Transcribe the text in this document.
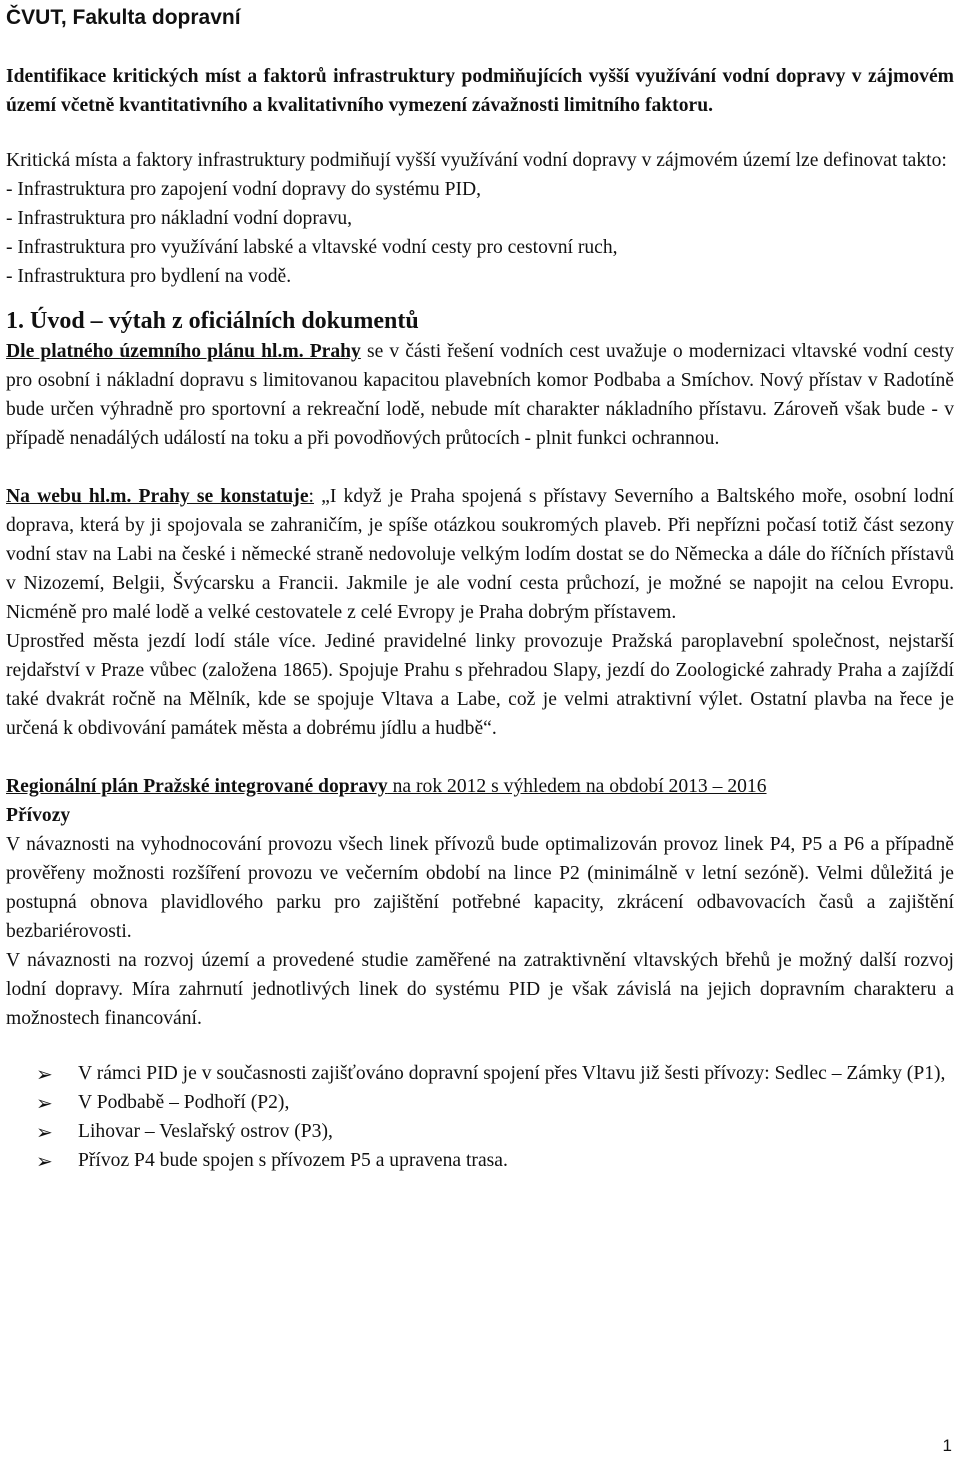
ČVUT, Fakulta dopravní

Identifikace kritických míst a faktorů infrastruktury podmiňujících vyšší využívání vodní dopravy v zájmovém území včetně kvantitativního a kvalitativního vymezení závažnosti limitního faktoru.

Kritická místa a faktory infrastruktury podmiňují vyšší využívání vodní dopravy v zájmovém území lze definovat takto:

- Infrastruktura pro zapojení vodní dopravy do systému PID,

- Infrastruktura pro nákladní vodní dopravu,

- Infrastruktura pro využívání labské a vltavské vodní cesty pro cestovní ruch,

- Infrastruktura pro bydlení na vodě.

1. Úvod – výtah z oficiálních dokumentů

Dle platného územního plánu hl.m. Prahy se v části řešení vodních cest uvažuje o modernizaci vltavské vodní cesty pro osobní i nákladní dopravu s limitovanou kapacitou plavebních komor Podbaba a Smíchov. Nový přístav v Radotíně bude určen výhradně pro sportovní a rekreační lodě, nebude mít charakter nákladního přístavu. Zároveň však bude - v případě nenadálých událostí na toku a při povodňových průtocích - plnit funkci ochrannou.

Na webu hl.m. Prahy se konstatuje: „I když je Praha spojená s přístavy Severního a Baltského moře, osobní lodní doprava, která by ji spojovala se zahraničím, je spíše otázkou soukromých plaveb. Při nepřízni počasí totiž část sezony vodní stav na Labi na české i německé straně nedovoluje velkým lodím dostat se do Německa a dále do říčních přístavů v Nizozemí, Belgii, Švýcarsku a Francii. Jakmile je ale vodní cesta průchozí, je možné se napojit na celou Evropu. Nicméně pro malé lodě a velké cestovatele z celé Evropy je Praha dobrým přístavem.

Uprostřed města jezdí lodí stále více. Jediné pravidelné linky provozuje Pražská paroplavební společnost, nejstarší rejdařství v Praze vůbec (založena 1865). Spojuje Prahu s přehradou Slapy, jezdí do Zoologické zahrady Praha a zajíždí také dvakrát ročně na Mělník, kde se spojuje Vltava a Labe, což je velmi atraktivní výlet. Ostatní plavba na řece je určená k obdivování památek města a dobrému jídlu a hudbě“.

Regionální plán Pražské integrované dopravy na rok 2012 s výhledem na období 2013 – 2016

Přívozy

V návaznosti na vyhodnocování provozu všech linek přívozů bude optimalizován provoz linek P4, P5 a P6 a případně prověřeny možnosti rozšíření provozu ve večerním období na lince P2 (minimálně v letní sezóně). Velmi důležitá je postupná obnova plavidlového parku pro zajištění potřebné kapacity, zkrácení odbavovacích časů a zajištění bezbariérovosti.

V návaznosti na rozvoj území a provedené studie zaměřené na zatraktivnění vltavských břehů je možný další rozvoj lodní dopravy. Míra zahrnutí jednotlivých linek do systému PID je však závislá na jejich dopravním charakteru a možnostech financování.

➢ V rámci PID je v současnosti zajišťováno dopravní spojení přes Vltavu již šesti přívozy: Sedlec – Zámky (P1),
➢ V Podbabě – Podhoří (P2),
➢ Lihovar – Veslařský ostrov (P3),
➢ Přívoz P4 bude spojen s přívozem P5 a upravena trasa.
1
